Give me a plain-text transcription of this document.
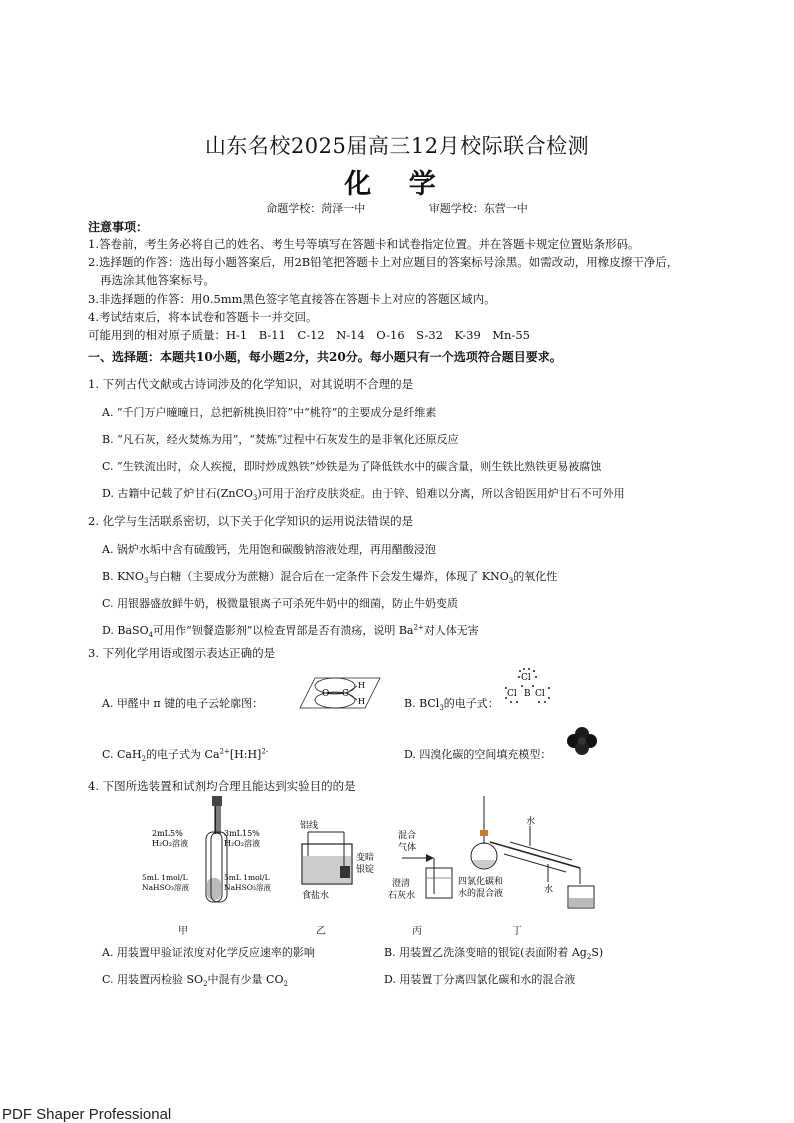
山东名校2025届高三12月校际联合检测
化 学
命题学校：菏泽一中	审题学校：东营一中
注意事项：
1.答卷前，考生务必将自己的姓名、考生号等填写在答题卡和试卷指定位置。并在答题卡规定位置贴条形码。
2.选择题的作答：选出每小题答案后，用2B铅笔把答题卡上对应题目的答案标号涂黑。如需改动，用橡皮擦干净后，
再选涂其他答案标号。
3.非选择题的作答：用0.5mm黑色签字笔直接答在答题卡上对应的答题区域内。
4.考试结束后，将本试卷和答题卡一并交回。
可能用到的相对原子质量：H-1　B-11　C-12　N-14　O-16　S-32　K-39　Mn-55
一、选择题：本题共10小题，每小题2分，共20分。每小题只有一个选项符合题目要求。
1. 下列古代文献或古诗词涉及的化学知识，对其说明不合理的是
A. “千门万户曈曈日，总把新桃换旧符”中“桃符”的主要成分是纤维素
B. “凡石灰，经火焚炼为用”，“焚炼”过程中石灰发生的是非氧化还原反应
C. “生铁流出时，众人疾搅，即时炒成熟铁”炒铁是为了降低铁水中的碳含量，则生铁比熟铁更易被腐蚀
D. 古籍中记载了炉甘石(ZnCO$_3$)可用于治疗皮肤炎症。由于锌、铅难以分离，所以含铅医用炉甘石不可外用
2. 化学与生活联系密切，以下关于化学知识的运用说法错误的是
A. 锅炉水垢中含有硫酸钙，先用饱和碳酸钠溶液处理，再用醋酸浸泡
B. $KNO_3$与白糖（主要成分为蔗糖）混合后在一定条件下会发生爆炸，体现了 $KNO_3$的氧化性
C. 用银器盛放鲜牛奶，极微量银离子可杀死牛奶中的细菌，防止牛奶变质
D. BaSO$_4$可用作“钡餐造影剂”以检查胃部是否有溃疡，说明 $Ba^{2+}$对人体无害
3. 下列化学用语或图示表达正确的是
A. 甲醛中 π 键的电子云轮廓图：
O C
H
H	B. BCl$_3$的电子式：
Cl
Cl B Cl
C. CaH$_2$的电子式为 $Ca^{2+}[H:H]^{2-}$	D. 四溴化碳的空间填充模型：
4. 下图所选装置和试剂均合理且能达到实验目的的是
2mL5%
H₂O₂溶液
3mL15%
H₂O₂溶液
5mL 1mol/L
NaHSO₃溶液
5mL 1mol/L
NaHSO₃溶液
铝线
变暗
银锭
食盐水
混合
气体
澄清
石灰水
水
水
四氯化碳和
水的混合液
甲	乙	丙	丁
A. 用装置甲验证浓度对化学反应速率的影响	B. 用装置乙洗涤变暗的银锭(表面附着 $Ag_2S$)
C. 用装置丙检验 $SO_2$中混有少量 $CO_2$	D. 用装置丁分离四氯化碳和水的混合液
PDF Shaper Professional
